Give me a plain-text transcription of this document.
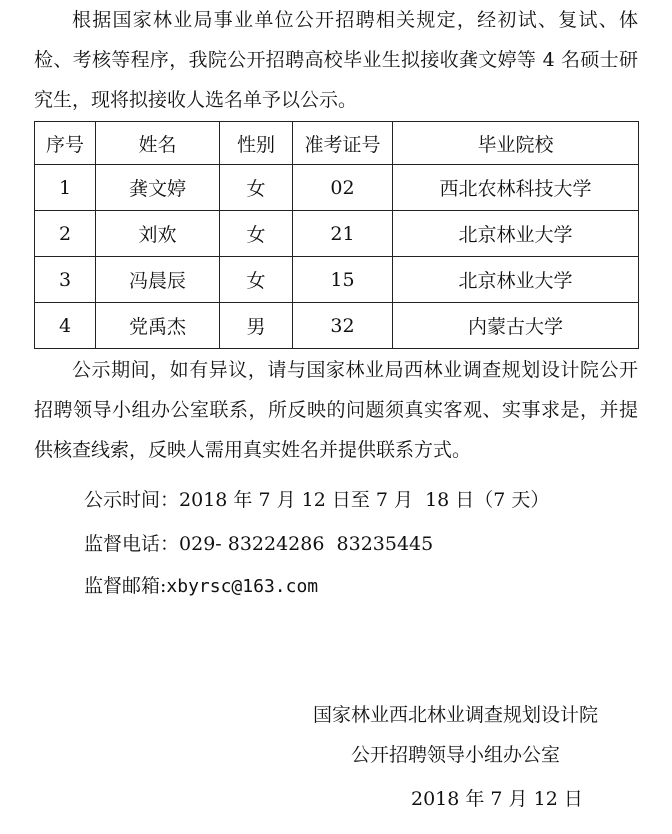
根据国家林业局事业单位公开招聘相关规定，经初试、复试、体检、考核等程序，我院公开招聘高校毕业生拟接收龚文婷等 4 名硕士研究生，现将拟接收人选名单予以公示。

序号	姓名	性别	准考证号	毕业院校
1	龚文婷	女	02	西北农林科技大学
2	刘欢	女	21	北京林业大学
3	冯晨辰	女	15	北京林业大学
4	党禹杰	男	32	内蒙古大学

公示期间，如有异议，请与国家林业局西林业调查规划设计院公开招聘领导小组办公室联系，所反映的问题须真实客观、实事求是，并提供核查线索，反映人需用真实姓名并提供联系方式。

公示时间：2018 年 7 月 12 日至 7 月  18 日（7 天）
监督电话：029- 83224286  83235445
监督邮箱:xbyrsc@163.com
国家林业西北林业调查规划设计院
公开招聘领导小组办公室
2018 年 7 月 12 日
